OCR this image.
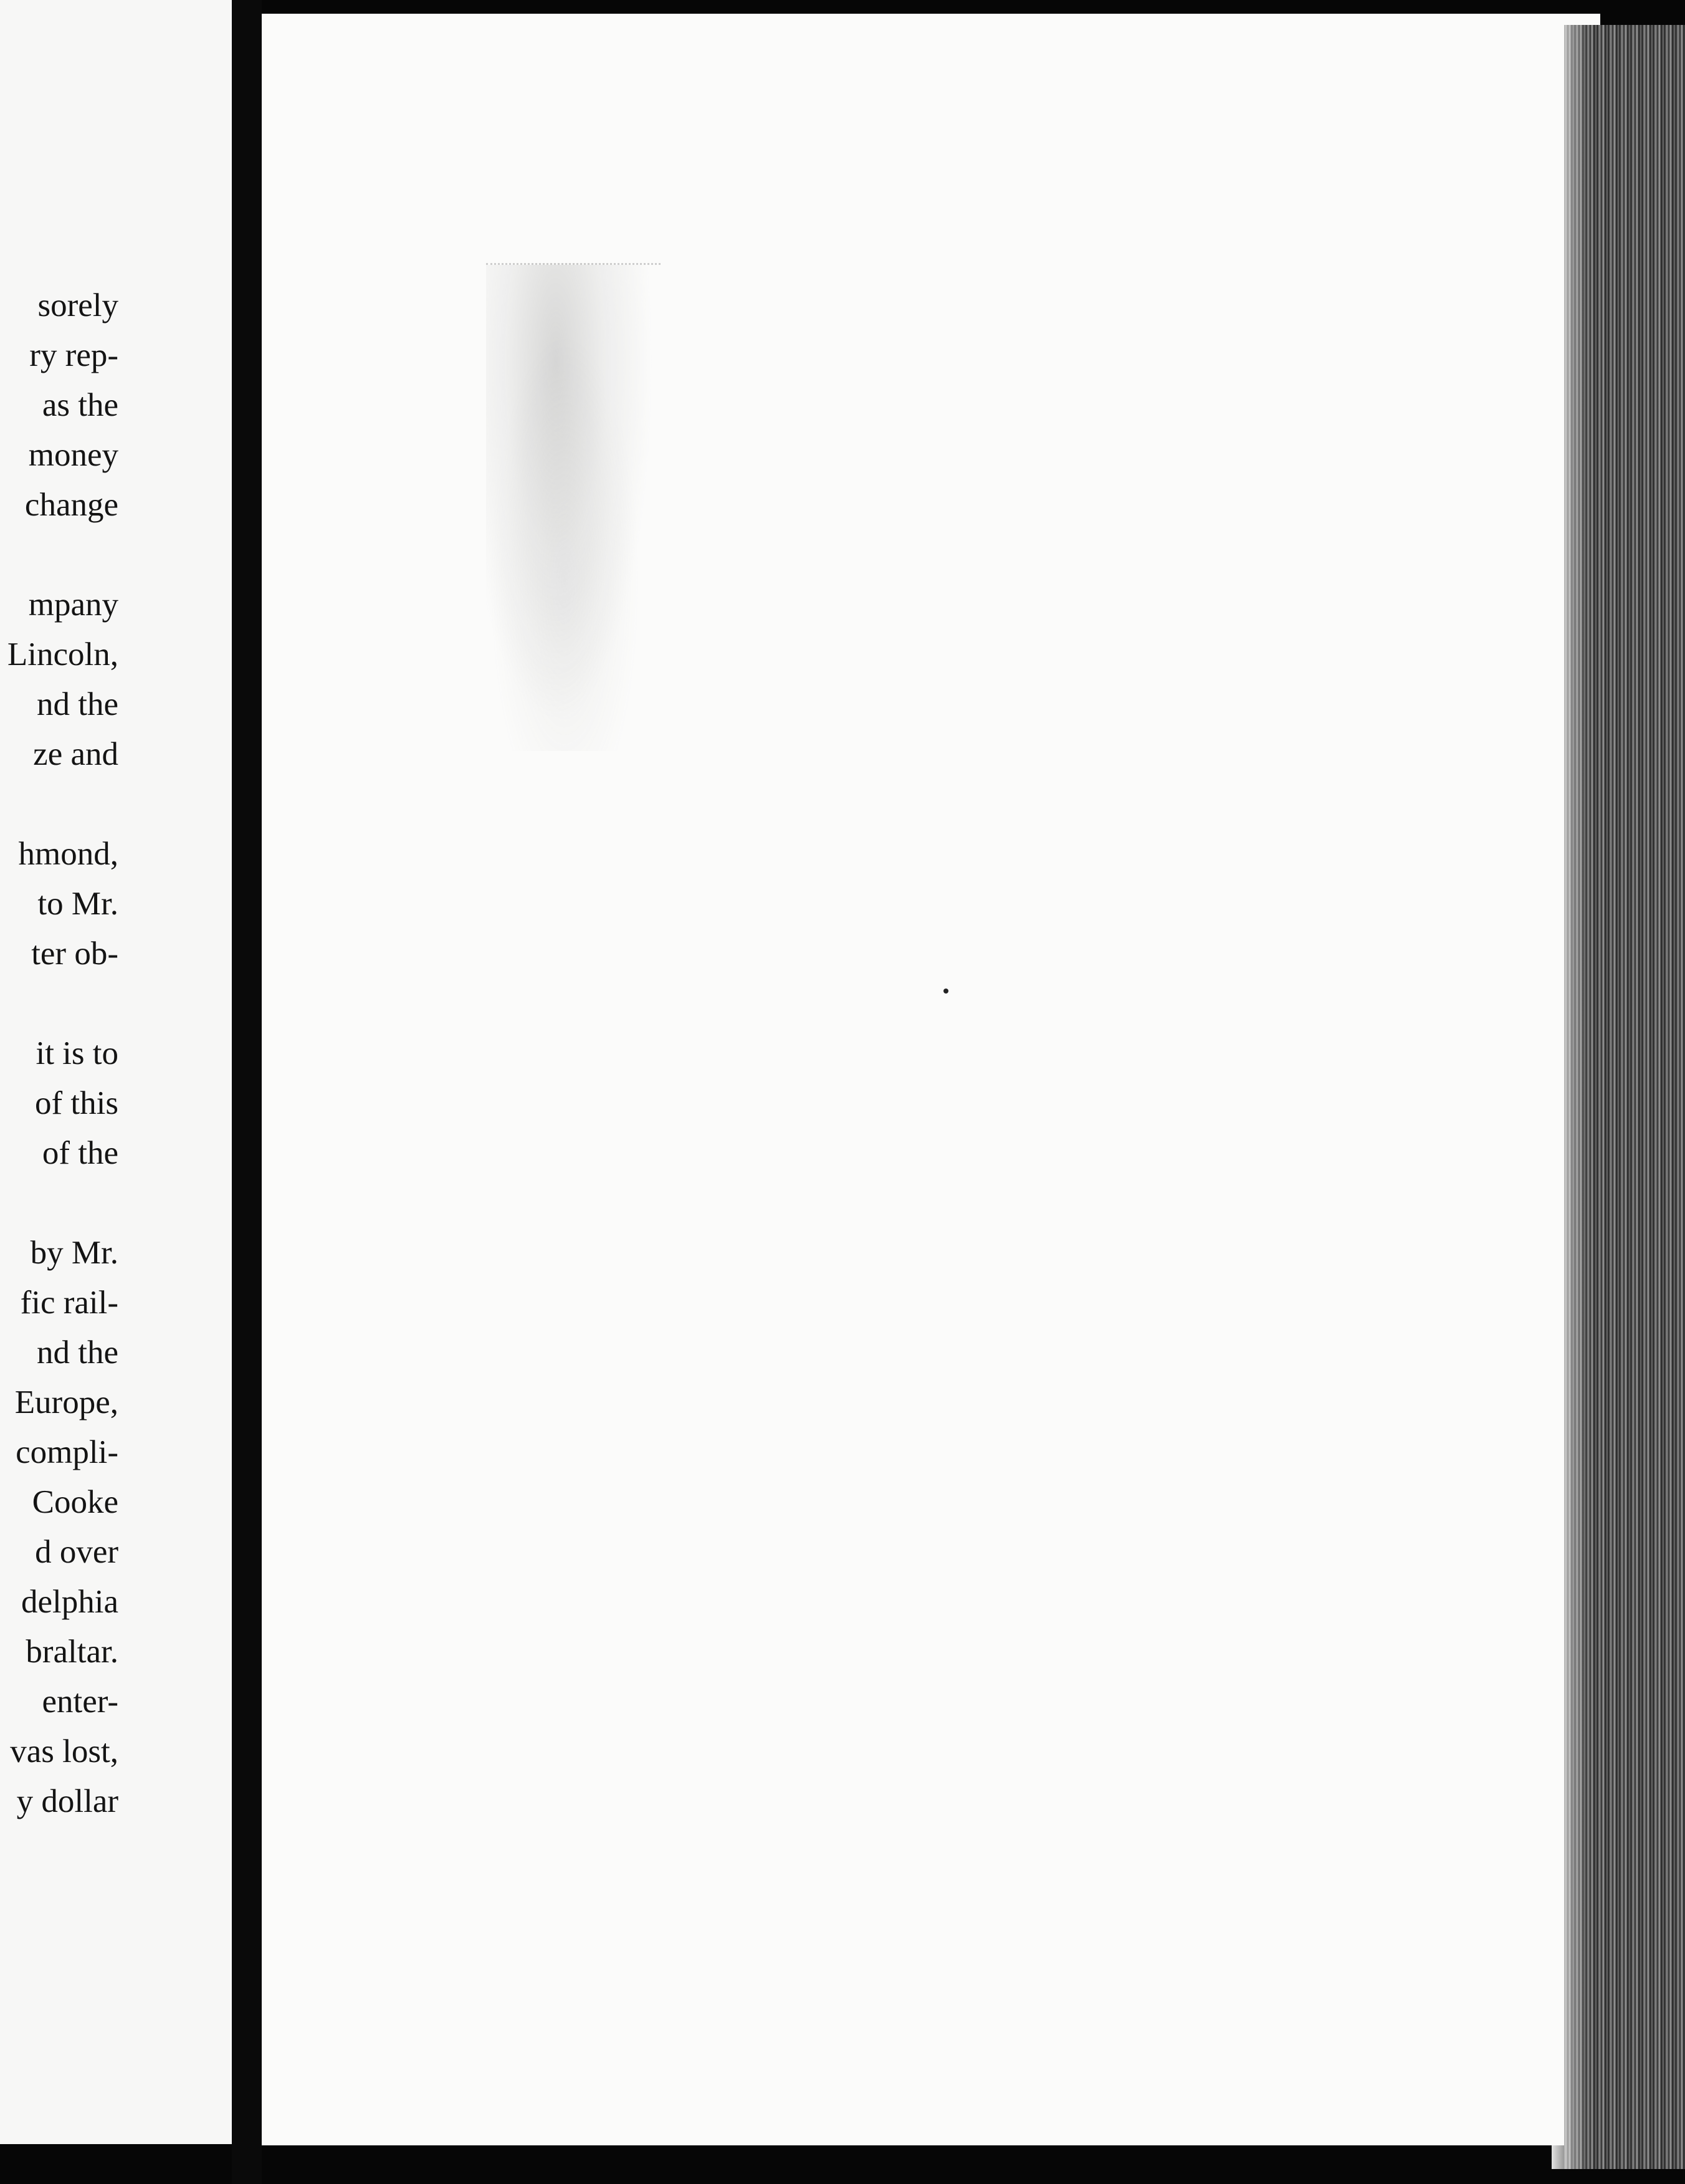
sorely
ry rep-
as the
money
change
mpany
Lincoln,
nd the
ze and
hmond,
to Mr.
ter ob-
it is to
of this
of the
by Mr.
fic rail-
nd the
Europe,
compli-
Cooke
d over
delphia
braltar.
enter-
vas lost,
y dollar
